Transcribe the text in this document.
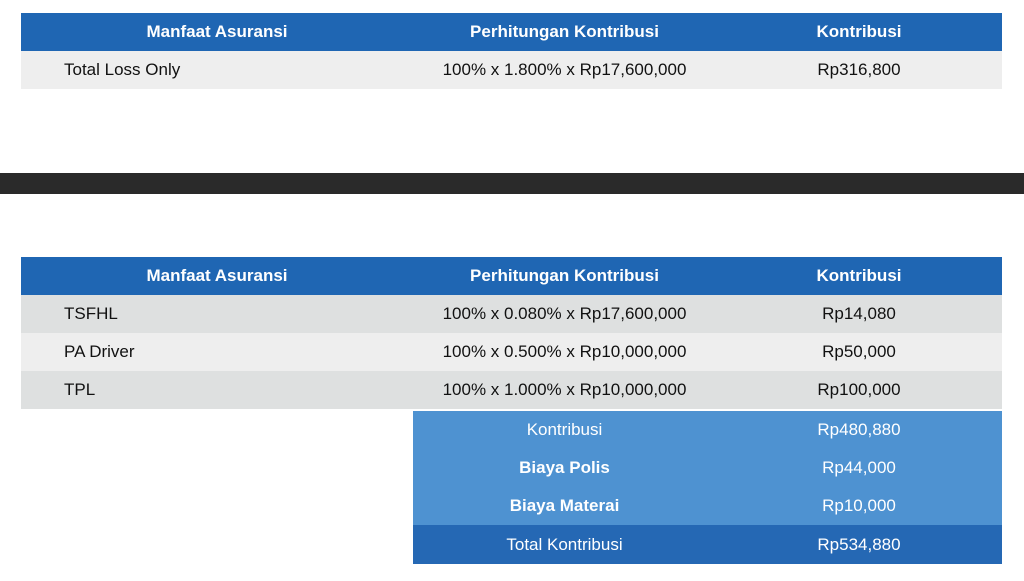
Manfaat Asuransi	Perhitungan Kontribusi	Kontribusi
Total Loss Only	100% x 1.800% x Rp17,600,000	Rp316,800
Manfaat Asuransi	Perhitungan Kontribusi	Kontribusi
TSFHL	100% x 0.080% x Rp17,600,000	Rp14,080
PA Driver	100% x 0.500% x Rp10,000,000	Rp50,000
TPL	100% x 1.000% x Rp10,000,000	Rp100,000
Kontribusi	Rp480,880
Biaya Polis	Rp44,000
Biaya Materai	Rp10,000
Total Kontribusi	Rp534,880
